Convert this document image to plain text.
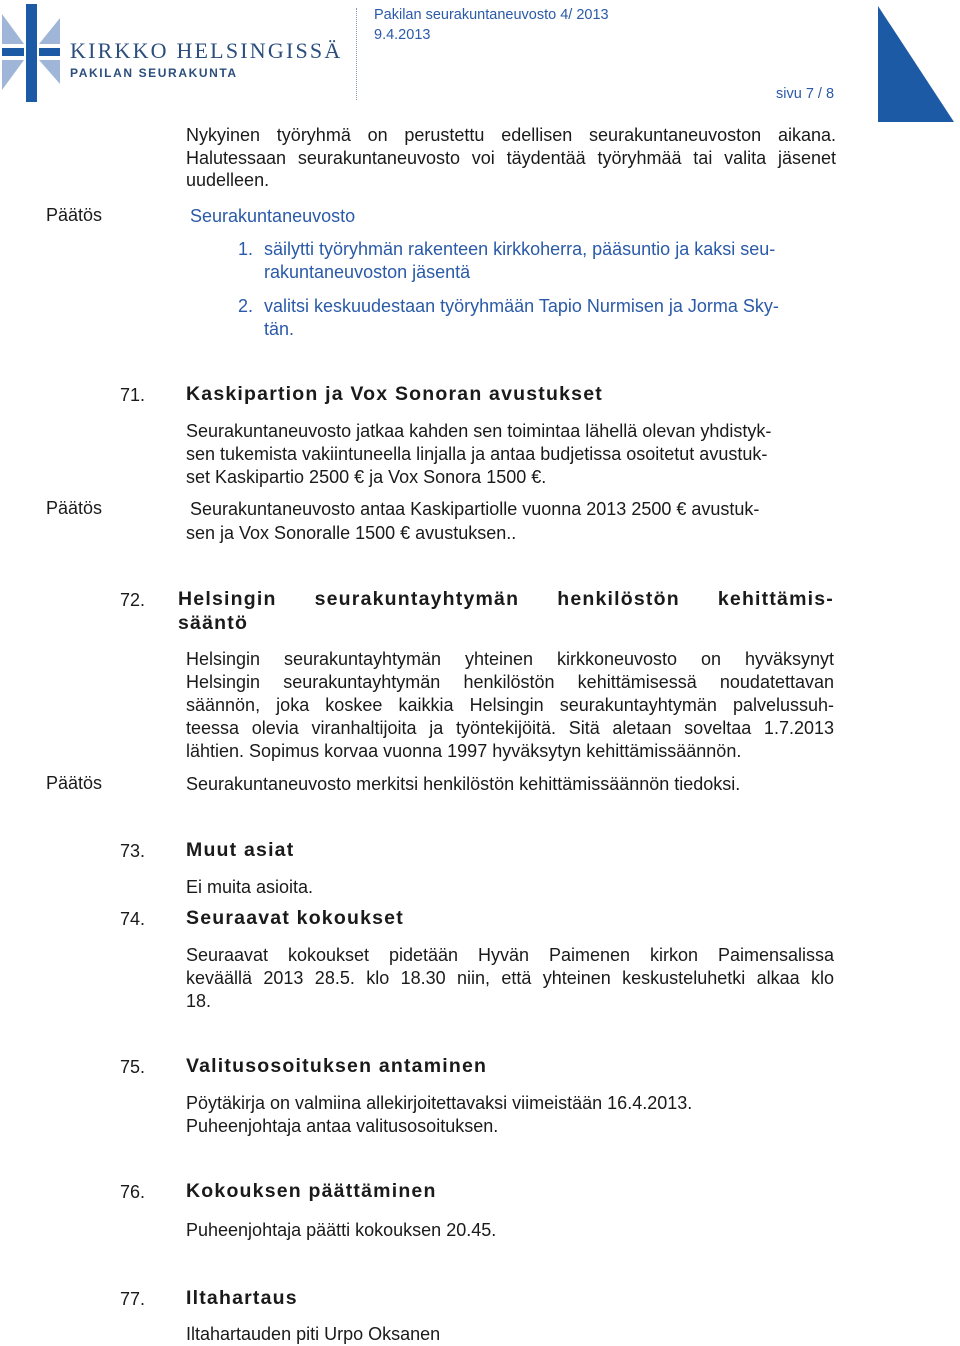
KIRKKO HELSINGISSÄ
PAKILAN SEURAKUNTA
Pakilan seurakuntaneuvosto 4/ 2013
9.4.2013
sivu 7 / 8
Nykyinen työryhmä on perustettu edellisen seurakuntaneuvoston aikana. Halutessaan seurakuntaneuvosto voi täydentää työryhmää tai valita jäsenet uudelleen.
Päätös	Seurakuntaneuvosto
1. säilytti työryhmän rakenteen kirkkoherra, pääsuntio ja kaksi seu-
rakuntaneuvoston jäsentä
2. valitsi keskuudestaan työryhmään Tapio Nurmisen ja Jorma Sky-
tän.
71. Kaskipartion ja Vox Sonoran avustukset
Seurakuntaneuvosto jatkaa kahden sen toimintaa lähellä olevan yhdistyk-
sen tukemista vakiintuneella linjalla ja antaa budjetissa osoitetut avustuk-
set Kaskipartio 2500 € ja Vox Sonora 1500 €.
Päätös	Seurakuntaneuvosto antaa Kaskipartiolle vuonna 2013 2500 € avustuk-
sen ja Vox Sonoralle 1500 € avustuksen..
72. Helsingin seurakuntayhtymän henkilöstön kehittämis-
sääntö
Helsingin seurakuntayhtymän yhteinen kirkkoneuvosto on hyväksynyt
Helsingin seurakuntayhtymän henkilöstön kehittämisessä noudatettavan
säännön, joka koskee kaikkia Helsingin seurakuntayhtymän palvelussuh-
teessa olevia viranhaltijoita ja työntekijöitä. Sitä aletaan soveltaa 1.7.2013
lähtien. Sopimus korvaa vuonna 1997 hyväksytyn kehittämissäännön.
Päätös	Seurakuntaneuvosto merkitsi henkilöstön kehittämissäännön tiedoksi.
73. Muut asiat
Ei muita asioita.
74. Seuraavat kokoukset
Seuraavat kokoukset pidetään Hyvän Paimenen kirkon Paimensalissa
keväällä 2013 28.5. klo 18.30 niin, että yhteinen keskusteluhetki alkaa klo
18.
75. Valitusosoituksen antaminen
Pöytäkirja on valmiina allekirjoitettavaksi viimeistään 16.4.2013.
Puheenjohtaja antaa valitusosoituksen.
76. Kokouksen päättäminen
Puheenjohtaja päätti kokouksen 20.45.
77. Iltahartaus
Iltahartauden piti Urpo Oksanen
